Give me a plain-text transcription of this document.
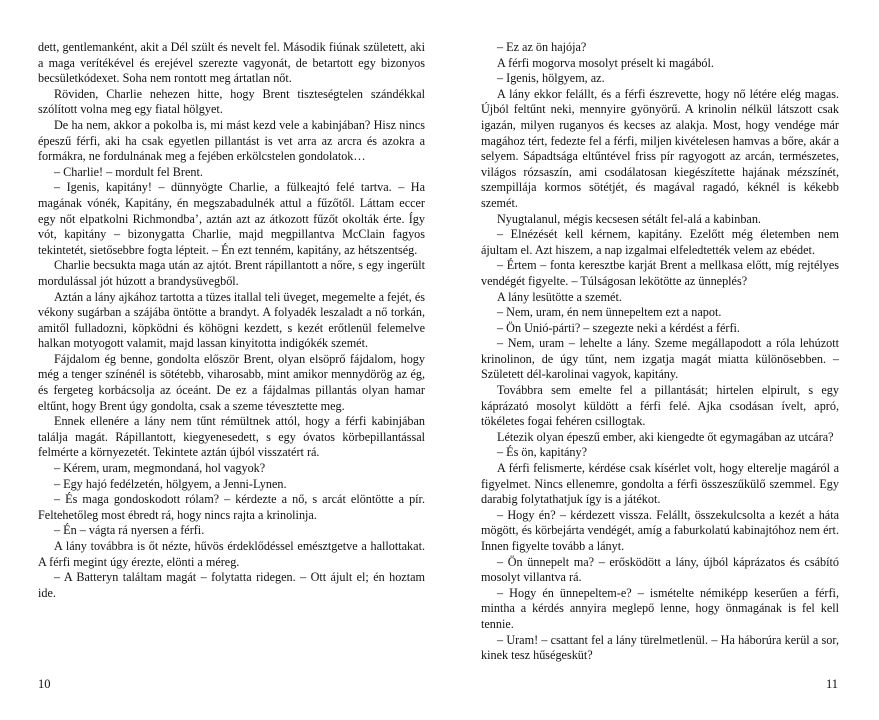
dett, gentlemanként, akit a Dél szült és nevelt fel. Második fiúnak született, aki a maga verítékével és erejével szerezte vagyonát, de betartott egy bizonyos becsületkódexet. Soha nem rontott meg ártatlan nőt.

Röviden, Charlie nehezen hitte, hogy Brent tiszteségtelen szándékkal szólított volna meg egy fiatal hölgyet.

De ha nem, akkor a pokolba is, mi mást kezd vele a kabinjában? Hisz nincs épeszű férfi, aki ha csak egyetlen pillantást is vet arra az arcra és azokra a formákra, ne fordulnának meg a fejében erkölcstelen gondolatok…

– Charlie! – mordult fel Brent.

– Igenis, kapitány! – dünnyögte Charlie, a fülkeajtó felé tartva. – Ha magának vónék, Kapitány, én megszabadulnék attul a fűzőtől. Láttam eccer egy nőt elpatkolni Richmondba’, aztán azt az átkozott fűzőt okolták érte. Így vót, kapitány – bizonygatta Charlie, majd megpillantva McClain fagyos tekintetét, sietősebbre fogta lépteit. – Én ezt tenném, kapitány, az hétszentség.

Charlie becsukta maga után az ajtót. Brent rápillantott a nőre, s egy ingerült mordulással jót húzott a brandysüvegből.

Aztán a lány ajkához tartotta a tüzes itallal teli üveget, megemelte a fejét, és vékony sugárban a szájába öntötte a brandyt. A folyadék leszaladt a nő torkán, amitől fulladozni, köpködni és köhögni kezdett, s kezét erőtlenül felemelve halkan motyogott valamit, majd lassan kinyitotta indigókék szemét.

Fájdalom ég benne, gondolta először Brent, olyan elsöprő fájdalom, hogy még a tenger színénél is sötétebb, viharosabb, mint amikor mennydörög az ég, és fergeteg korbácsolja az óceánt. De ez a fájdalmas pillantás olyan hamar eltűnt, hogy Brent úgy gondolta, csak a szeme tévesztette meg.

Ennek ellenére a lány nem tűnt rémültnek attól, hogy a férfi kabinjában találja magát. Rápillantott, kiegyenesedett, s egy óvatos körbepillantással felmérte a környezetét. Tekintete aztán újból visszatért rá.

– Kérem, uram, megmondaná, hol vagyok?

– Egy hajó fedélzetén, hölgyem, a Jenni-Lynen.

– És maga gondoskodott rólam? – kérdezte a nő, s arcát elöntötte a pír. Feltehetőleg most ébredt rá, hogy nincs rajta a krinolinja.

– Én – vágta rá nyersen a férfi.

A lány továbbra is őt nézte, hűvös érdeklődéssel emésztgetve a hallottakat. A férfi megint úgy érezte, elönti a méreg.

– A Batteryn találtam magát – folytatta ridegen. – Ott ájult el; én hoztam ide.

10

– Ez az ön hajója?

A férfi mogorva mosolyt préselt ki magából.

– Igenis, hölgyem, az.

A lány ekkor felállt, és a férfi észrevette, hogy nő létére elég magas. Újból feltűnt neki, mennyire gyönyörű. A krinolin nélkül látszott csak igazán, milyen ruganyos és kecses az alakja. Most, hogy vendége már magához tért, fedezte fel a férfi, miljen kivételesen hamvas a bőre, akár a selyem. Sápadtsága eltűntével friss pír ragyogott az arcán, természetes, világos rózsaszín, ami csodálatosan kiegészítette hajának mézszínét, szempillája kormos sötétjét, és magával ragadó, kéknél is kékebb szemét.

Nyugtalanul, mégis kecsesen sétált fel-alá a kabinban.

– Elnézését kell kérnem, kapitány. Ezelőtt még életemben nem ájultam el. Azt hiszem, a nap izgalmai elfeledtették velem az ebédet.

– Értem – fonta keresztbe karját Brent a mellkasa előtt, míg rejtélyes vendégét figyelte. – Túlságosan lekötötte az ünneplés?

A lány lesütötte a szemét.

– Nem, uram, én nem ünnepeltem ezt a napot.

– Ön Unió-párti? – szegezte neki a kérdést a férfi.

– Nem, uram – lehelte a lány. Szeme megállapodott a róla lehúzott krinolinon, de úgy tűnt, nem izgatja magát miatta különösebben. – Született dél-karolinai vagyok, kapitány.

Továbbra sem emelte fel a pillantását; hirtelen elpirult, s egy káprázató mosolyt küldött a férfi felé. Ajka csodásan ívelt, apró, tökéletes fogai fehéren csillogtak.

Létezik olyan épeszű ember, aki kiengedte őt egymagában az utcára?

– És ön, kapitány?

A férfi felismerte, kérdése csak kísérlet volt, hogy elterelje magáról a figyelmet. Nincs ellenemre, gondolta a férfi összeszűkülő szemmel. Egy darabig folytathatjuk így is a játékot.

– Hogy én? – kérdezett vissza. Felállt, összekulcsolta a kezét a háta mögött, és körbejárta vendégét, amíg a faburkolatú kabinajtóhoz nem ért. Innen figyelte tovább a lányt.

– Ön ünnepelt ma? – erősködött a lány, újból káprázatos és csábító mosolyt villantva rá.

– Hogy én ünnepeltem-e? – ismételte némiképp keserűen a férfi, mintha a kérdés annyira meglepő lenne, hogy önmagának is fel kell tennie.

– Uram! – csattant fel a lány türelmetlenül. – Ha háborúra kerül a sor, kinek tesz hűségesküt?

11
